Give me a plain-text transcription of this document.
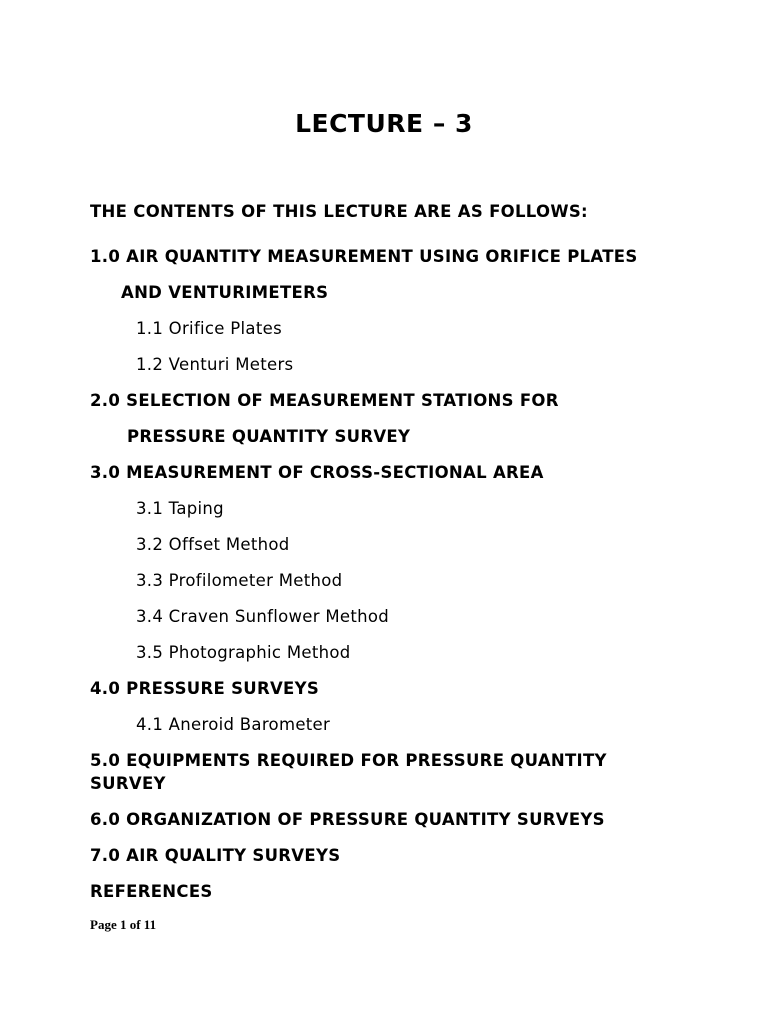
LECTURE – 3
THE CONTENTS OF THIS LECTURE ARE AS FOLLOWS:
1.0 AIR QUANTITY MEASUREMENT USING ORIFICE PLATES
AND VENTURIMETERS
1.1 Orifice Plates
1.2 Venturi Meters
2.0 SELECTION OF MEASUREMENT STATIONS FOR
PRESSURE QUANTITY SURVEY
3.0 MEASUREMENT OF CROSS-SECTIONAL AREA
3.1 Taping
3.2 Offset Method
3.3 Profilometer Method
3.4 Craven Sunflower Method
3.5 Photographic Method
4.0 PRESSURE SURVEYS
4.1 Aneroid Barometer
5.0 EQUIPMENTS REQUIRED FOR PRESSURE QUANTITY
SURVEY
6.0 ORGANIZATION OF PRESSURE QUANTITY SURVEYS
7.0 AIR QUALITY SURVEYS
REFERENCES
Page 1 of 11
